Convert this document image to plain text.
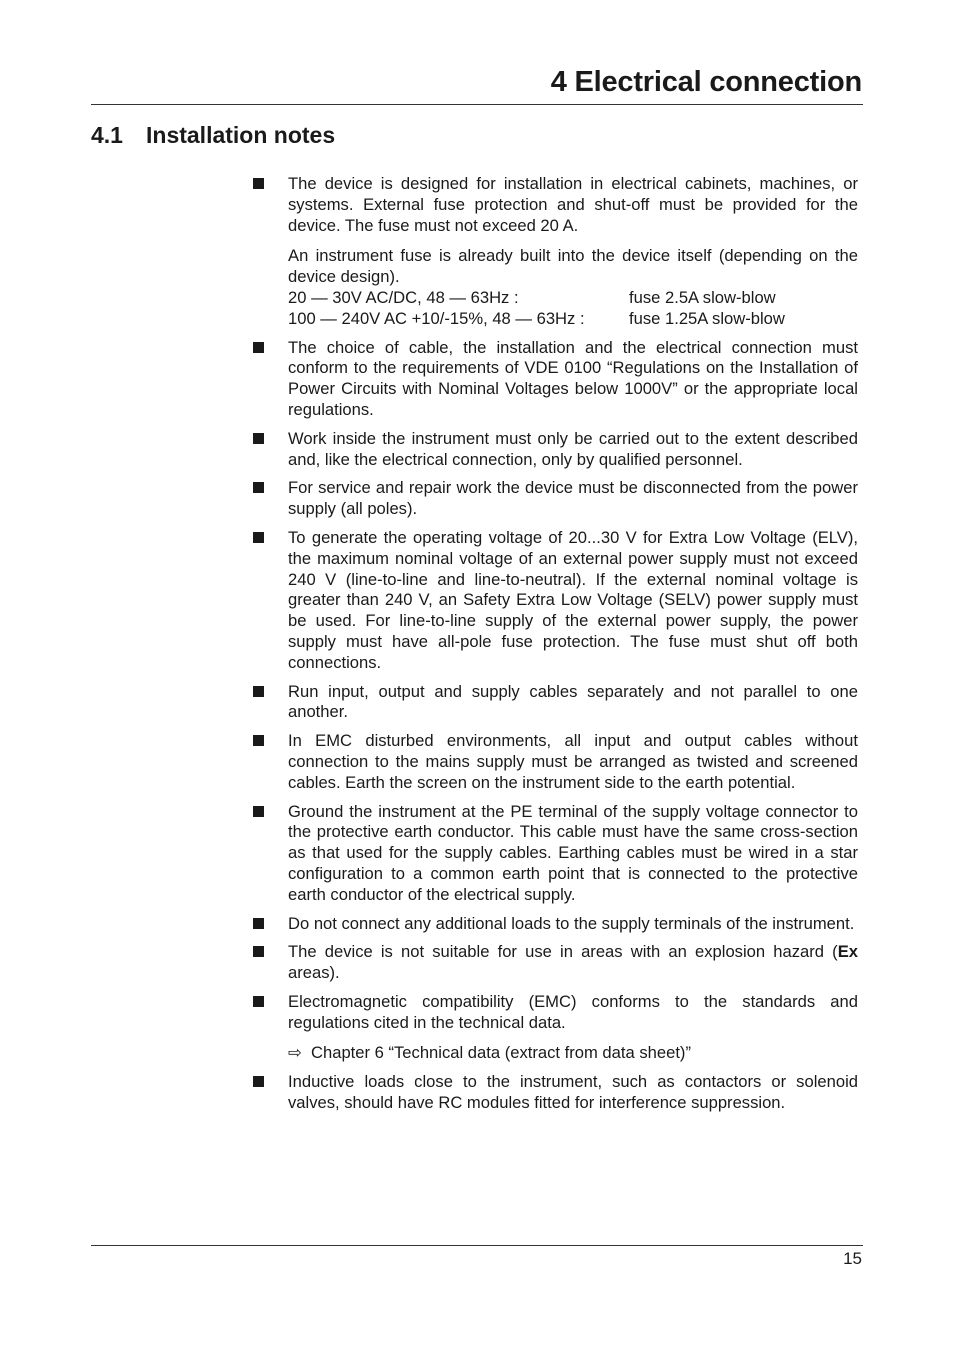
4 Electrical connection
4.1 Installation notes

The device is designed for installation in electrical cabinets, machines, or systems. External fuse protection and shut-off must be provided for the device. The fuse must not exceed 20 A.

An instrument fuse is already built into the device itself (depending on the device design).

20 — 30V AC/DC, 48 — 63Hz :	fuse 2.5A slow-blow
100 — 240V AC +10/-15%, 48 — 63Hz :	fuse 1.25A slow-blow

The choice of cable, the installation and the electrical connection must conform to the requirements of VDE 0100 “Regulations on the Installation of Power Circuits with Nominal Voltages below 1000V” or the appropriate local regulations.

Work inside the instrument must only be carried out to the extent described and, like the electrical connection, only by qualified personnel.

For service and repair work the device must be disconnected from the power supply (all poles).

To generate the operating voltage of 20...30 V for Extra Low Voltage (ELV), the maximum nominal voltage of an external power supply must not exceed 240 V (line-to-line and line-to-neutral). If the external nominal voltage is greater than 240 V, an Safety Extra Low Voltage (SELV) power supply must be used. For line-to-line supply of the external power supply, the power supply must have all-pole fuse protection. The fuse must shut off both connections.

Run input, output and supply cables separately and not parallel to one another.

In EMC disturbed environments, all input and output cables without connection to the mains supply must be arranged as twisted and screened cables. Earth the screen on the instrument side to the earth potential.

Ground the instrument at the PE terminal of the supply voltage connector to the protective earth conductor. This cable must have the same cross-section as that used for the supply cables. Earthing cables must be wired in a star configuration to a common earth point that is connected to the protective earth conductor of the electrical supply.

Do not connect any additional loads to the supply terminals of the instrument.

The device is not suitable for use in areas with an explosion hazard (Ex areas).

Electromagnetic compatibility (EMC) conforms to the standards and regulations cited in the technical data.

⇨ Chapter 6 “Technical data (extract from data sheet)”

Inductive loads close to the instrument, such as contactors or solenoid valves, should have RC modules fitted for interference suppression.

15
